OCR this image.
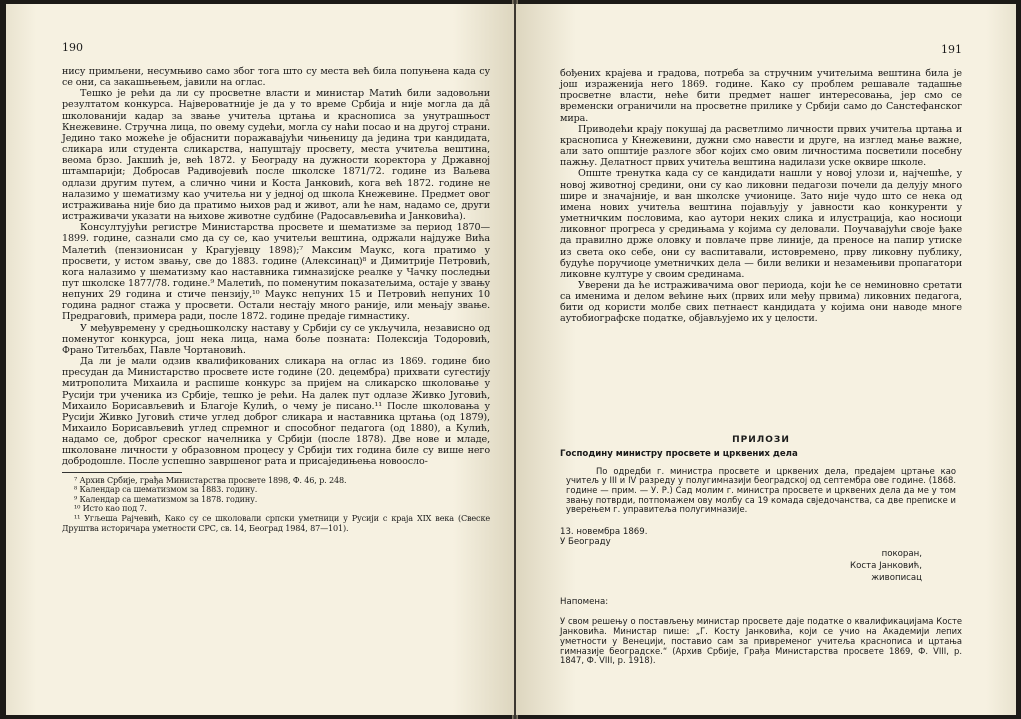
190

нису примљени, несумњиво само због тога што су места већ била попуњена када су се они, са закашњењем, јавили на оглас.

Тешко је рећи да ли су просветне власти и министар Матић били задовољни резултатом конкурса. Највероватније је да у то време Србија и није могла да дâ школованији кадар за звање учитеља цртања и краснописа за унутрашњост Кнежевине. Стручна лица, по овему судећи, могла су наћи посао и на другој страни. Једино тако можеће је објаснити поражавајући чињеницу да једина три кандидата, сликара или студента сликарства, напуштају просвету, места учитеља вештина, веома брзо. Јакшић је, већ 1872. у Београду на дужности коректора у Државној штампарији; Добросав Радивојевић после школске 1871/72. године из Ваљева одлази другим путем, а слично чини и Коста Јанковић, кога већ 1872. године не налазимо у шематизму као учитеља ни у једној од школа Кнежевине. Предмет овог истраживања није био да пратимо њихов рад и живот, али ће нам, надамо се, други истраживачи указати на њихове животне судбине (Радосављевића и Јанковића).

Консултујући регистре Министарства просвете и шематизме за период 1870—1899. године, сазнали смо да су се, као учитељи вештина, одржали најдуже Вића Малетић (пензионисан у Крагујевцу 1898);⁷ Максим Маукс, кога пратимо у просвети, у истом звању, све до 1883. године (Алексинац)⁸ и Димитрије Петровић, кога налазимо у шематизму као наставника гимназијске реалке у Чачку последњи пут школске 1877/78. године.⁹ Малетић, по поменутим показатељима, остаје у звању непуних 29 година и стиче пензију,¹⁰ Маукс непуних 15 и Петровић непуних 10 година радног стажа у просвети. Остали нестају много раније, или мењају звање. Предраговић, примера ради, после 1872. године предаје гимнастику.

У међувремену у средњошколску наставу у Србији су се укључила, независно од поменутог конкурса, још нека лица, нама боље позната: Полексија Тодоровић, Франо Титељбах, Павле Чортановић.

Да ли је мали одзив квалификованих сликара на оглас из 1869. године био пресудан да Министарство просвете исте године (20. децембра) прихвати сугестију митрополита Михаила и распише конкурс за пријем на сликарско школовање у Русији три ученика из Србије, тешко је рећи. На далек пут одлазе Живко Југовић, Михаило Борисављевић и Благоје Кулић, о чему је писано.¹¹ После школовања у Русији Живко Југовић стиче углед доброг сликара и наставника цртања (од 1879), Михаило Борисављевић углед спремног и способног педагога (од 1880), а Кулић, надамо се, доброг среског начелника у Србији (после 1878). Две нове и младе, школоване личности у образовном процесу у Србији тих година биле су више него добродошле. После успешно завршеног рата и присаједињења новоосло-

⁷ Архив Србије, грађа Министарства просвете 1898, Ф. 46, р. 248.

⁸ Календар са шематизмом за 1883. годину.

⁹ Календар са шематизмом за 1878. годину.

¹⁰ Исто као под 7.

¹¹ Угљеша Рајчевић, Како су се школовали српски уметници у Русији с краја XIX века (Свеске Друштва историчара уметности СРС, св. 14, Београд 1984, 87—101).

191

бођених крајева и градова, потреба за стручним учитељима вештина била је још израженија него 1869. године. Како су проблем решавале тадашње просветне власти, неће бити предмет нашег интересовања, јер смо се временски ограничили на просветне прилике у Србији само до Санстефанског мира.

Приводећи крају покушај да расветлимо личности првих учитеља цртања и краснописа у Кнежевини, дужни смо навести и друге, на изглед мање важне, али зато општије разлоге због којих смо овим личностима посветили посебну пажњу. Делатност првих учитеља вештина надилази уске оквире школе.

Опште тренутка када су се кандидати нашли у новој улози и, најчешће, у новој животној средини, они су као ликовни педагози почели да делују много шире и значајније, и ван школске учионице. Зато није чудо што се нека од имена нових учитеља вештина појављују у јавности као конкуренти у уметничким пословима, као аутори неких слика и илустрација, као носиоци ликовног прогреса у средињама у којима су деловали. Поучавајући своје ђаке да правилно држе оловку и повлаче прве линије, да преносе на папир утиске из света око себе, они су васпитавали, истовремено, прву ликовну публику, будуће поручиоце уметничких дела — били велики и незамењиви пропагатори ликовне културе у своим срединама.

Уверени да ће истраживачима овог периода, који ће се неминовно сретати са именима и делом већине њих (првих или међу првима) ликовних педагога, бити од користи молбе свих петнаест кандидата у којима они наводе многе аутобиографске податке, објављујемо их у целости.

ПРИЛОЗИ
Господину министру просвете и црквених дела

По одредби г. министра просвете и црквених дела, предајем цртање као учитељ у III и IV разреду у полугимназији београдској од септембра ове године. (1868. године — прим. — У. Р.) Сад молим г. министра просвете и црквених дела да ме у том звању потврди, потпомажем ову молбу са 19 комада свједочанства, са две преписке и уверењем г. управитеља полугимназије.

13. новембра 1869.
У Београду
покоран,
Коста Јанковић,
живописац
Напомена:

У свом решењу о постављењу министар просвете даје податке о квалификацијама Косте Јанковића. Министар пише: „Г. Косту Јанковића, који се учио на Академији лепих уметности у Венецији, поставио сам за привременог учитеља краснописа и цртања гимназије београдске.“ (Архив Србије, Грађа Министарства просвете 1869, Ф. VIII, р. 1847, Ф. VIII, р. 1918).
